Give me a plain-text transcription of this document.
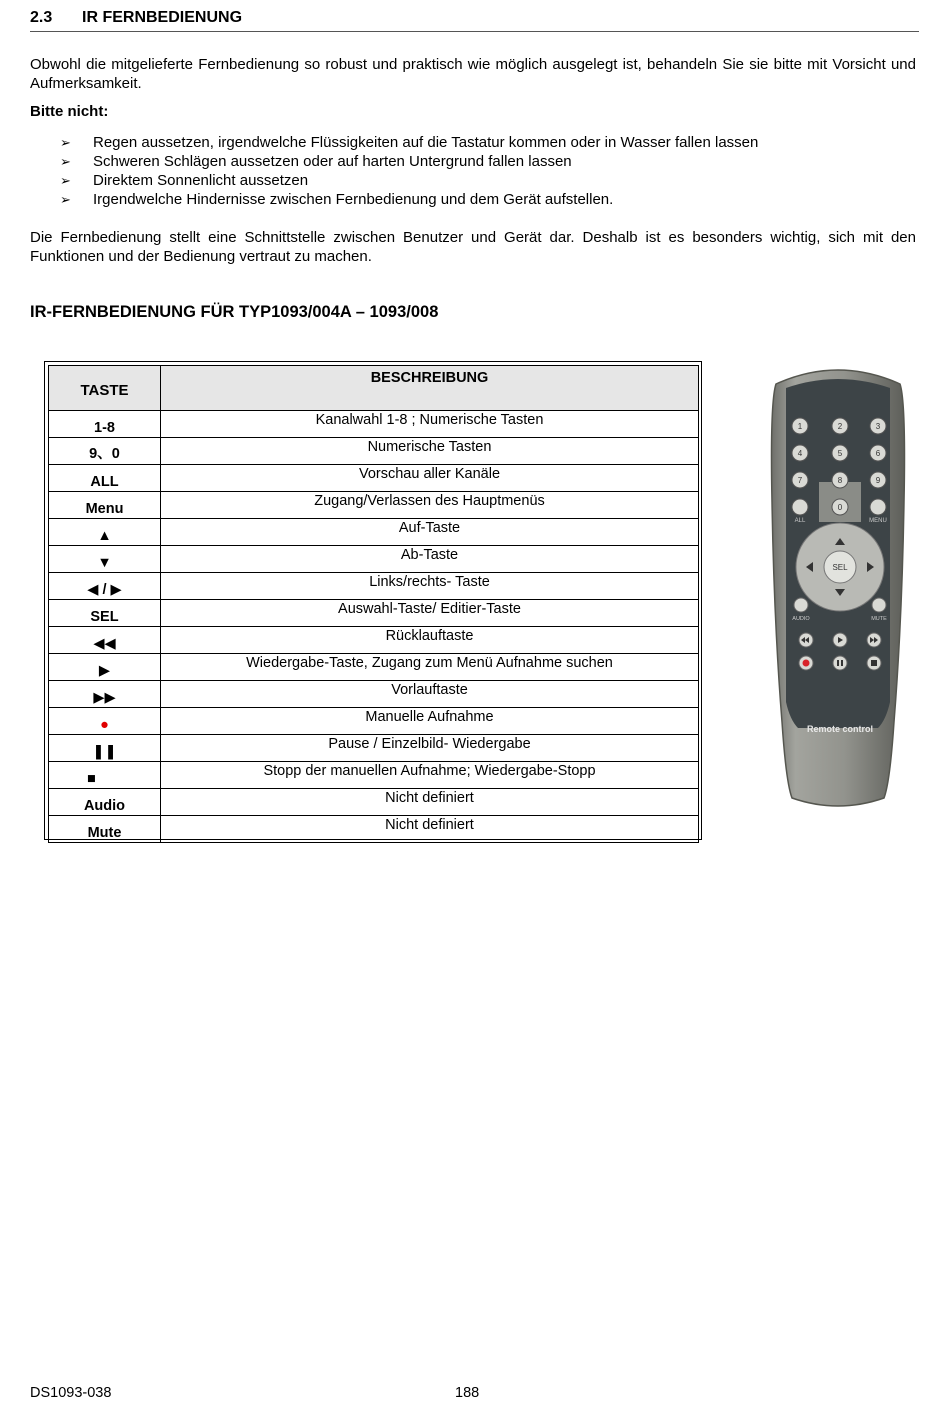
2.3 IR FERNBEDIENUNG
Obwohl die mitgelieferte Fernbedienung so robust und praktisch wie möglich ausgelegt ist, behandeln Sie sie bitte mit Vorsicht und Aufmerksamkeit.
Bitte nicht:
➢ Regen aussetzen, irgendwelche Flüssigkeiten auf die Tastatur kommen oder in Wasser fallen lassen
➢ Schweren Schlägen aussetzen oder auf harten Untergrund fallen lassen
➢ Direktem Sonnenlicht aussetzen
➢ Irgendwelche Hindernisse zwischen Fernbedienung und dem Gerät aufstellen.
Die Fernbedienung stellt eine Schnittstelle zwischen Benutzer und Gerät dar. Deshalb ist es besonders wichtig, sich mit den Funktionen und der Bedienung vertraut zu machen.
IR-FERNBEDIENUNG FÜR TYP1093/004A – 1093/008
TASTE	BESCHREIBUNG
1-8	Kanalwahl 1-8 ; Numerische Tasten
9、0	Numerische Tasten
ALL	Vorschau aller Kanäle
Menu	Zugang/Verlassen des Hauptmenüs
▲	Auf-Taste
▼	Ab-Taste
◀ / ▶	Links/rechts- Taste
SEL	Auswahl-Taste/ Editier-Taste
◀◀	Rücklauftaste
▶	Wiedergabe-Taste, Zugang zum Menü Aufnahme suchen
▶▶	Vorlauftaste
●	Manuelle Aufnahme
❚❚	Pause / Einzelbild- Wiedergabe
■	Stopp der manuellen Aufnahme; Wiedergabe-Stopp
Audio	Nicht definiert
Mute	Nicht definiert
1	2	3
4	5	6
7	8	9
0
ALL	MENU
SEL
AUDIO	MUTE
Remote control
DS1093-038	188
